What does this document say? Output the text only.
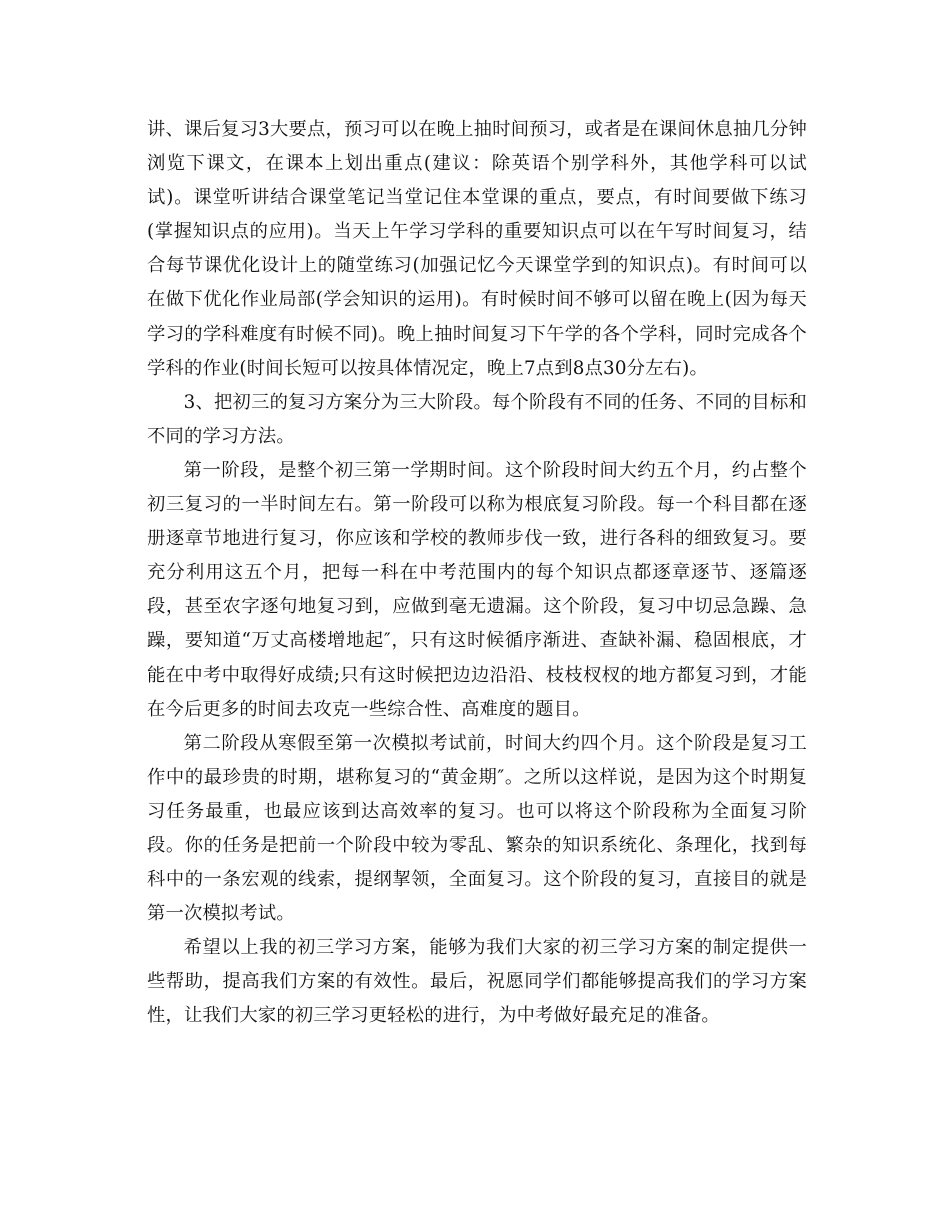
讲、课后复习3大要点，预习可以在晚上抽时间预习，或者是在课间休息抽几分钟浏览下课文，在课本上划出重点(建议：除英语个别学科外，其他学科可以试试)。课堂听讲结合课堂笔记当堂记住本堂课的重点，要点，有时间要做下练习(掌握知识点的应用)。当天上午学习学科的重要知识点可以在午写时间复习，结合每节课优化设计上的随堂练习(加强记忆今天课堂学到的知识点)。有时间可以在做下优化作业局部(学会知识的运用)。有时候时间不够可以留在晚上(因为每天学习的学科难度有时候不同)。晚上抽时间复习下午学的各个学科，同时完成各个学科的作业(时间长短可以按具体情况定，晚上7点到8点30分左右)。

3、把初三的复习方案分为三大阶段。每个阶段有不同的任务、不同的目标和不同的学习方法。

第一阶段，是整个初三第一学期时间。这个阶段时间大约五个月，约占整个初三复习的一半时间左右。第一阶段可以称为根底复习阶段。每一个科目都在逐册逐章节地进行复习，你应该和学校的教师步伐一致，进行各科的细致复习。要充分利用这五个月，把每一科在中考范围内的每个知识点都逐章逐节、逐篇逐段，甚至农字逐句地复习到，应做到毫无遗漏。这个阶段，复习中切忌急躁、急躁，要知道“万丈高楼增地起″，只有这时候循序渐进、查缺补漏、稳固根底，才能在中考中取得好成绩;只有这时候把边边沿沿、枝枝杈杈的地方都复习到，才能在今后更多的时间去攻克一些综合性、高难度的题目。

第二阶段从寒假至第一次模拟考试前，时间大约四个月。这个阶段是复习工作中的最珍贵的时期，堪称复习的“黄金期″。之所以这样说，是因为这个时期复习任务最重，也最应该到达高效率的复习。也可以将这个阶段称为全面复习阶段。你的任务是把前一个阶段中较为零乱、繁杂的知识系统化、条理化，找到每科中的一条宏观的线索，提纲挈领，全面复习。这个阶段的复习，直接目的就是第一次模拟考试。

希望以上我的初三学习方案，能够为我们大家的初三学习方案的制定提供一些帮助，提高我们方案的有效性。最后，祝愿同学们都能够提高我们的学习方案性，让我们大家的初三学习更轻松的进行，为中考做好最充足的准备。
